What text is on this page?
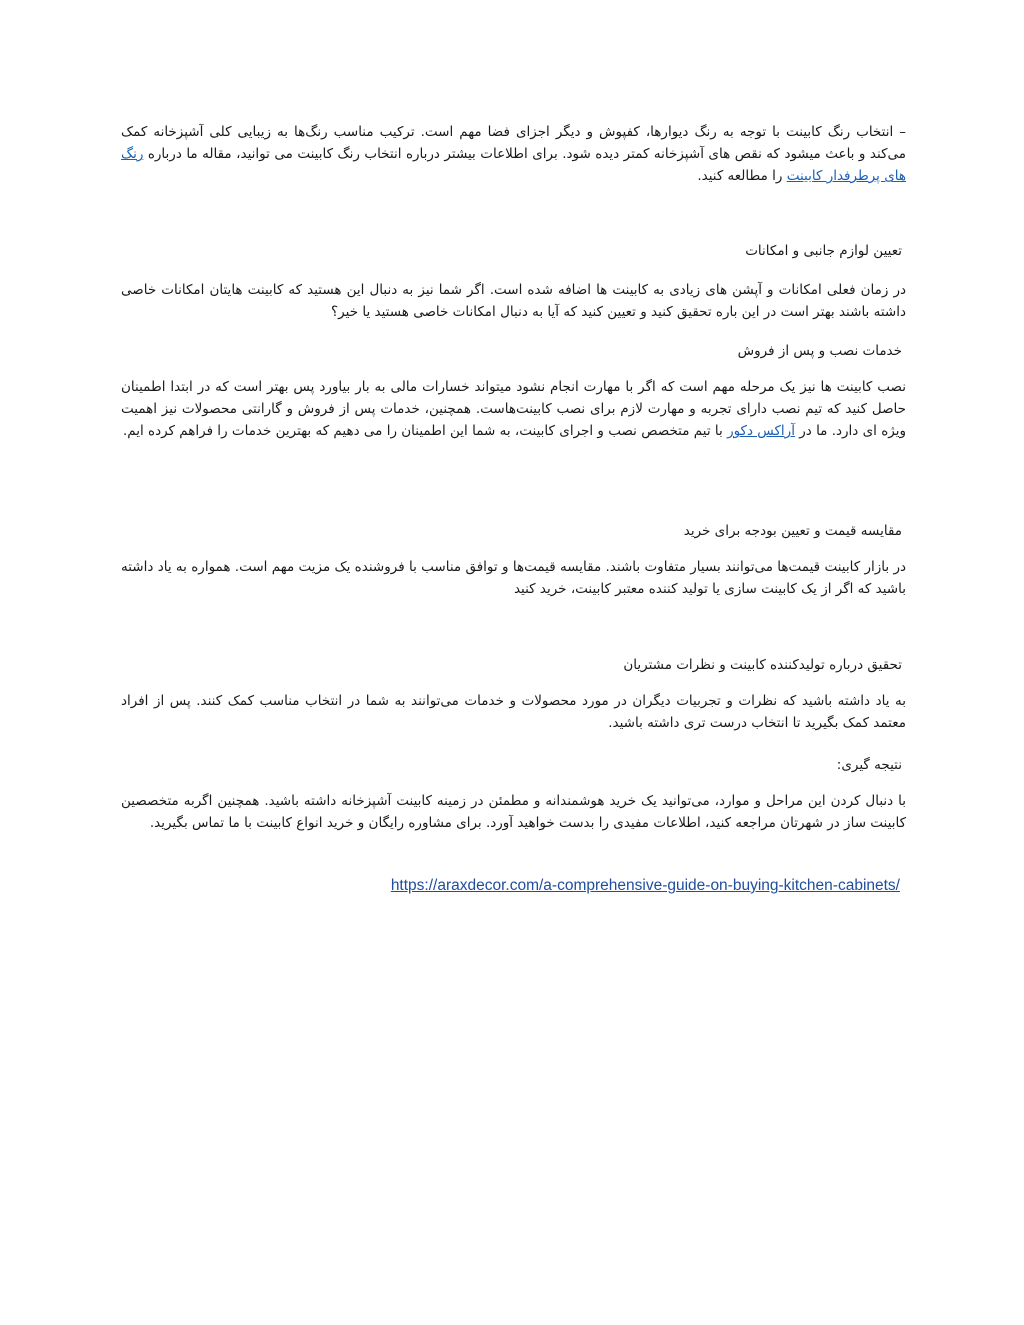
– انتخاب رنگ کابینت با توجه به رنگ دیوارها، کفپوش و دیگر اجزای فضا مهم است. ترکیب مناسب رنگ‌ها به زیبایی کلی آشپزخانه کمک می‌کند و باعث میشود که نقص های آشپزخانه کمتر دیده شود. برای اطلاعات بیشتر درباره انتخاب رنگ کابینت می توانید، مقاله ما درباره رنگ های پرطرفدار کابینت را مطالعه کنید.

تعیین لوازم جانبی و امکانات

در زمان فعلی امکانات و آپشن های زیادی به کابینت ها اضافه شده است. اگر شما نیز به دنبال این هستید که کابینت هایتان امکانات خاصی داشته باشند بهتر است در این باره تحقیق کنید و تعیین کنید که آیا به دنبال امکانات خاصی هستید یا خیر؟

خدمات نصب و پس از فروش

نصب کابینت ها نیز یک مرحله مهم است که اگر با مهارت انجام نشود میتواند خسارات مالی به بار بیاورد پس بهتر است که در ابتدا اطمینان حاصل کنید که تیم نصب دارای تجربه و مهارت لازم برای نصب کابینت‌هاست. همچنین، خدمات پس از فروش و گارانتی محصولات نیز اهمیت ویژه ای دارد. ما در آراکس دکور با تیم متخصص نصب و اجرای کابینت، به شما این اطمینان را می دهیم که بهترین خدمات را فراهم کرده ایم.

مقایسه قیمت و تعیین بودجه برای خرید

در بازار کابینت قیمت‌ها می‌توانند بسیار متفاوت باشند. مقایسه قیمت‌ها و توافق مناسب با فروشنده یک مزیت مهم است. همواره به یاد داشته باشید که اگر از یک کابینت سازی یا تولید کننده معتبر کابینت، خرید کنید

تحقیق درباره تولیدکننده کابینت و نظرات مشتریان

به یاد داشته باشید که نظرات و تجربیات دیگران در مورد محصولات و خدمات می‌توانند به شما در انتخاب مناسب کمک کنند. پس از افراد معتمد کمک بگیرید تا انتخاب درست تری داشته باشید.

نتیجه گیری:

با دنبال کردن این مراحل و موارد، می‌توانید یک خرید هوشمندانه و مطمئن در زمینه کابینت آشپزخانه داشته باشید. همچنین اگربه متخصصین کابینت ساز در شهرتان مراجعه کنید، اطلاعات مفیدی را بدست خواهید آورد. برای مشاوره رایگان و خرید انواع کابینت با ما تماس بگیرید.

https://araxdecor.com/a-comprehensive-guide-on-buying-kitchen-cabinets/
